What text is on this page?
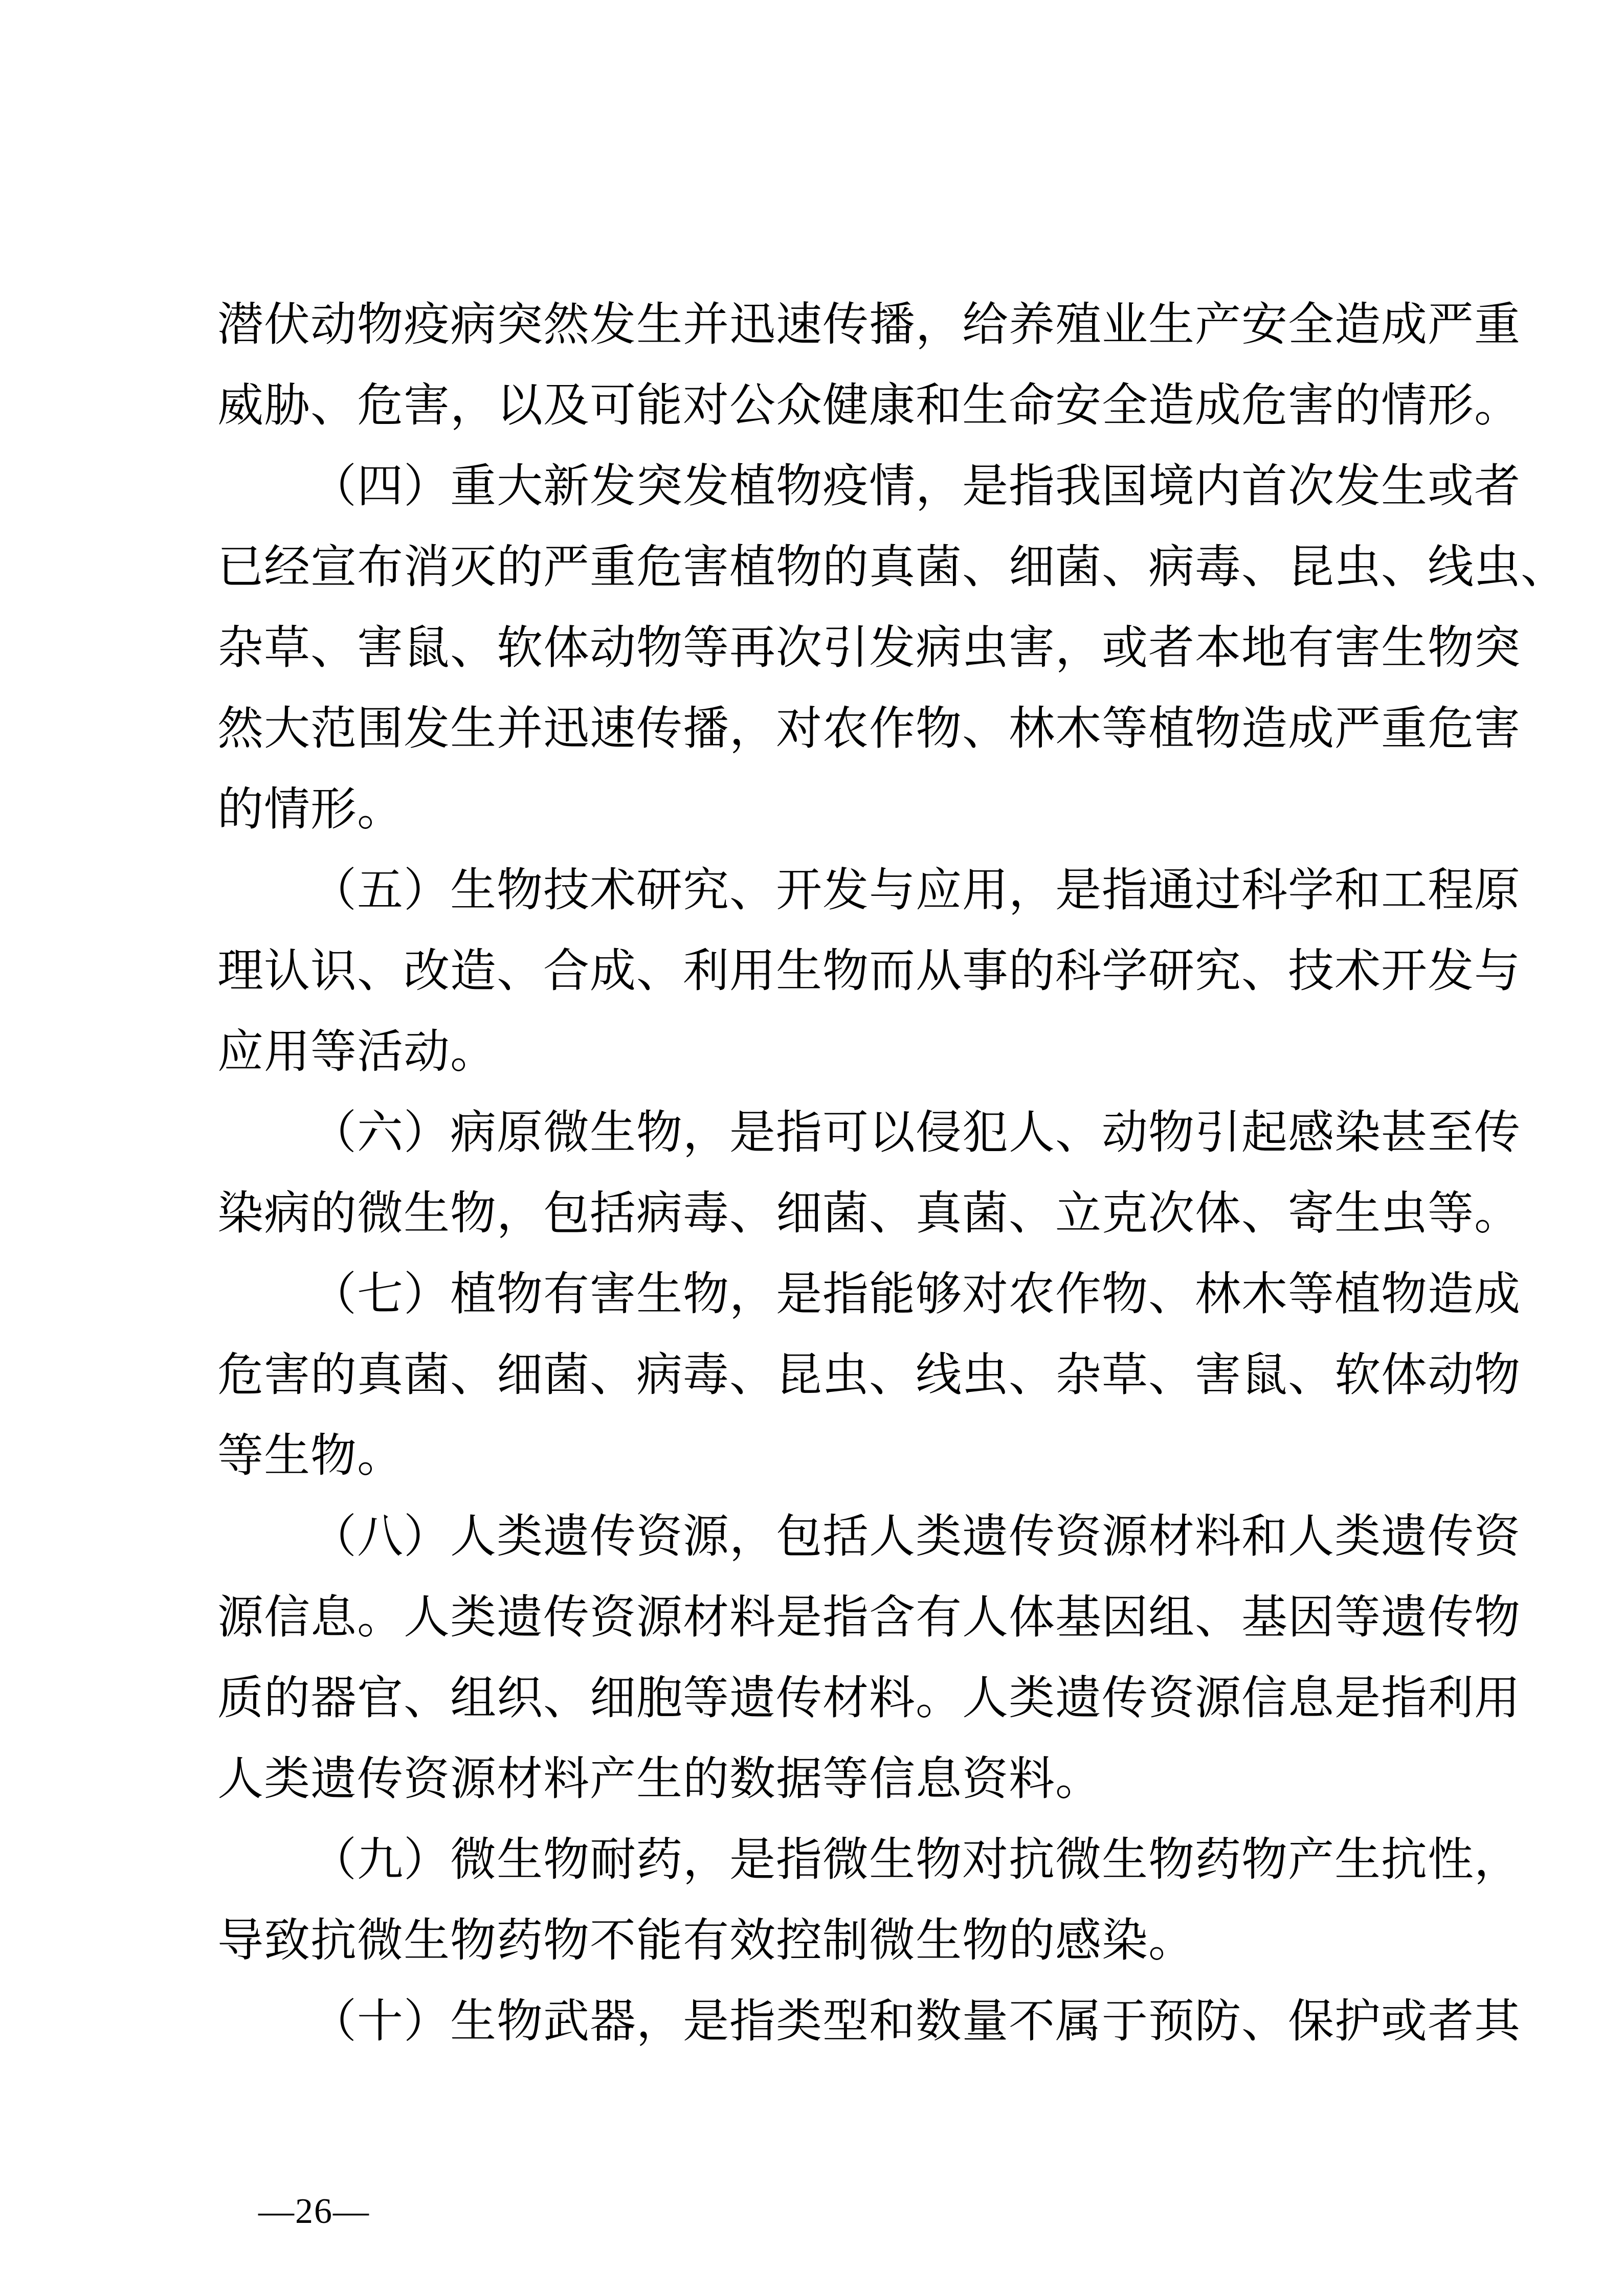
潜伏动物疫病突然发生并迅速传播，给养殖业生产安全造成严重
威胁、危害，以及可能对公众健康和生命安全造成危害的情形。
（四）重大新发突发植物疫情，是指我国境内首次发生或者
已经宣布消灭的严重危害植物的真菌、细菌、病毒、昆虫、线虫、
杂草、害鼠、软体动物等再次引发病虫害，或者本地有害生物突
然大范围发生并迅速传播，对农作物、林木等植物造成严重危害
的情形。
（五）生物技术研究、开发与应用，是指通过科学和工程原
理认识、改造、合成、利用生物而从事的科学研究、技术开发与
应用等活动。
（六）病原微生物，是指可以侵犯人、动物引起感染甚至传
染病的微生物，包括病毒、细菌、真菌、立克次体、寄生虫等。
（七）植物有害生物，是指能够对农作物、林木等植物造成
危害的真菌、细菌、病毒、昆虫、线虫、杂草、害鼠、软体动物
等生物。
（八）人类遗传资源，包括人类遗传资源材料和人类遗传资
源信息。人类遗传资源材料是指含有人体基因组、基因等遗传物
质的器官、组织、细胞等遗传材料。人类遗传资源信息是指利用
人类遗传资源材料产生的数据等信息资料。
（九）微生物耐药，是指微生物对抗微生物药物产生抗性，
导致抗微生物药物不能有效控制微生物的感染。
（十）生物武器，是指类型和数量不属于预防、保护或者其
—26—
